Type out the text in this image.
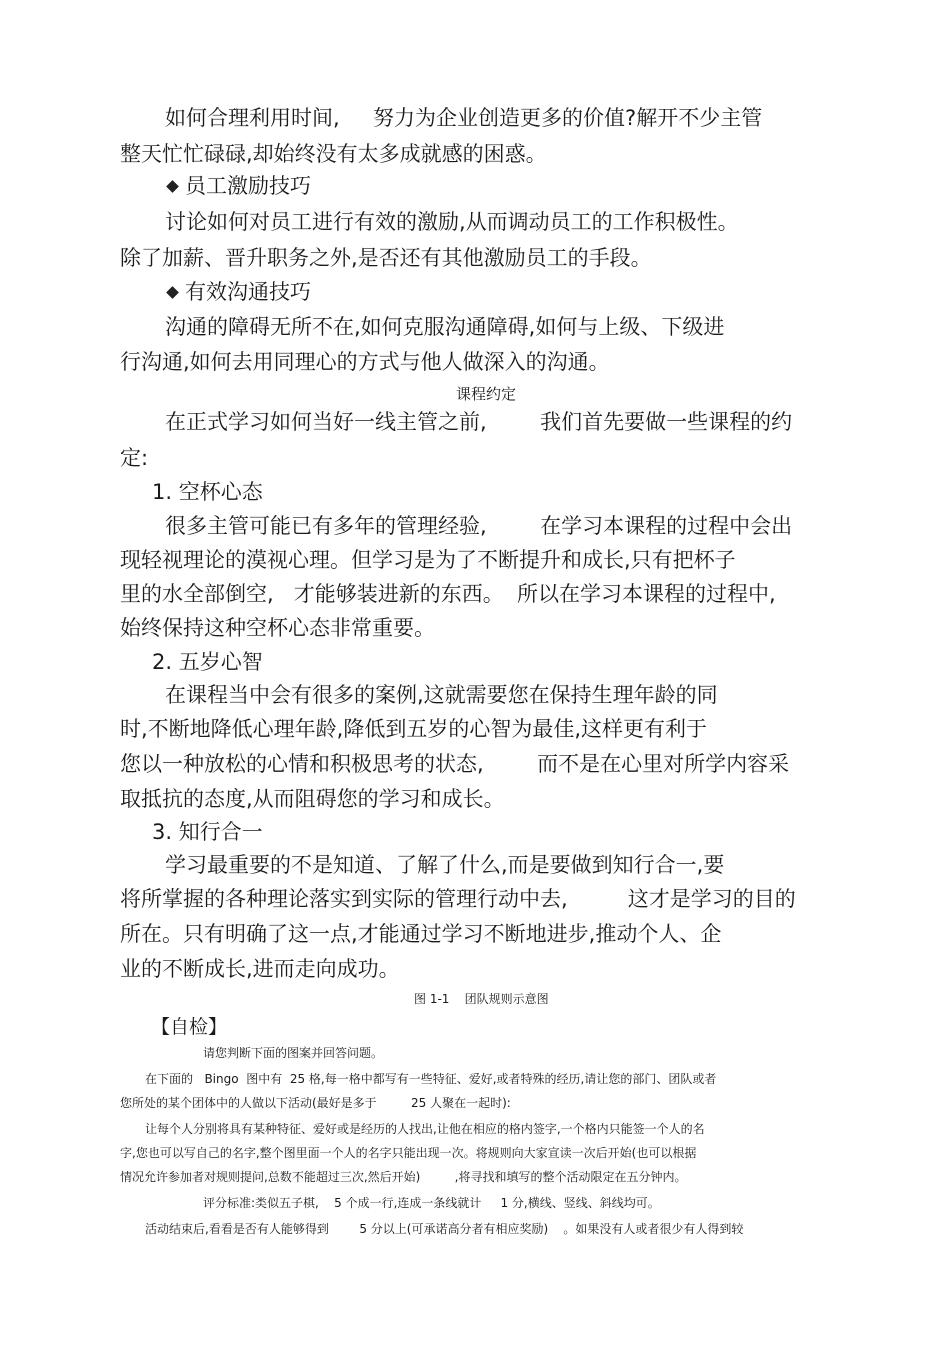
如何合理利用时间,     努力为企业创造更多的价值?解开不少主管
整天忙忙碌碌,却始终没有太多成就感的困惑。
员工激励技巧
讨论如何对员工进行有效的激励,从而调动员工的工作积极性。
除了加薪、晋升职务之外,是否还有其他激励员工的手段。
有效沟通技巧
沟通的障碍无所不在,如何克服沟通障碍,如何与上级、下级进
行沟通,如何去用同理心的方式与他人做深入的沟通。
课程约定
在正式学习如何当好一线主管之前,        我们首先要做一些课程的约
定:
1. 空杯心态
很多主管可能已有多年的管理经验,        在学习本课程的过程中会出
现轻视理论的漠视心理。但学习是为了不断提升和成长,只有把杯子
里的水全部倒空,   才能够装进新的东西。  所以在学习本课程的过程中,
始终保持这种空杯心态非常重要。
2. 五岁心智
在课程当中会有很多的案例,这就需要您在保持生理年龄的同
时,不断地降低心理年龄,降低到五岁的心智为最佳,这样更有利于
您以一种放松的心情和积极思考的状态,        而不是在心里对所学内容采
取抵抗的态度,从而阻碍您的学习和成长。
3. 知行合一
学习最重要的不是知道、了解了什么,而是要做到知行合一,要
将所掌握的各种理论落实到实际的管理行动中去,         这才是学习的目的
所在。只有明确了这一点,才能通过学习不断地进步,推动个人、企
业的不断成长,进而走向成功。
图 1-1    团队规则示意图
【自检】
请您判断下面的图案并回答问题。
在下面的   Bingo  图中有  25 格,每一格中都写有一些特征、爱好,或者特殊的经历,请让您的部门、团队或者
您所处的某个团体中的人做以下活动(最好是多于         25 人聚在一起时):
让每个人分别将具有某种特征、爱好或是经历的人找出,让他在相应的格内签字,一个格内只能签一个人的名
字,您也可以写自己的名字,整个图里面一个人的名字只能出现一次。将规则向大家宣读一次后开始(也可以根据
情况允许参加者对规则提问,总数不能超过三次,然后开始)         ,将寻找和填写的整个活动限定在五分钟内。
评分标准:类似五子棋,    5 个成一行,连成一条线就计     1 分,横线、竖线、斜线均可。
活动结束后,看看是否有人能够得到        5 分以上(可承诺高分者有相应奖励)    。如果没有人或者很少有人得到较
